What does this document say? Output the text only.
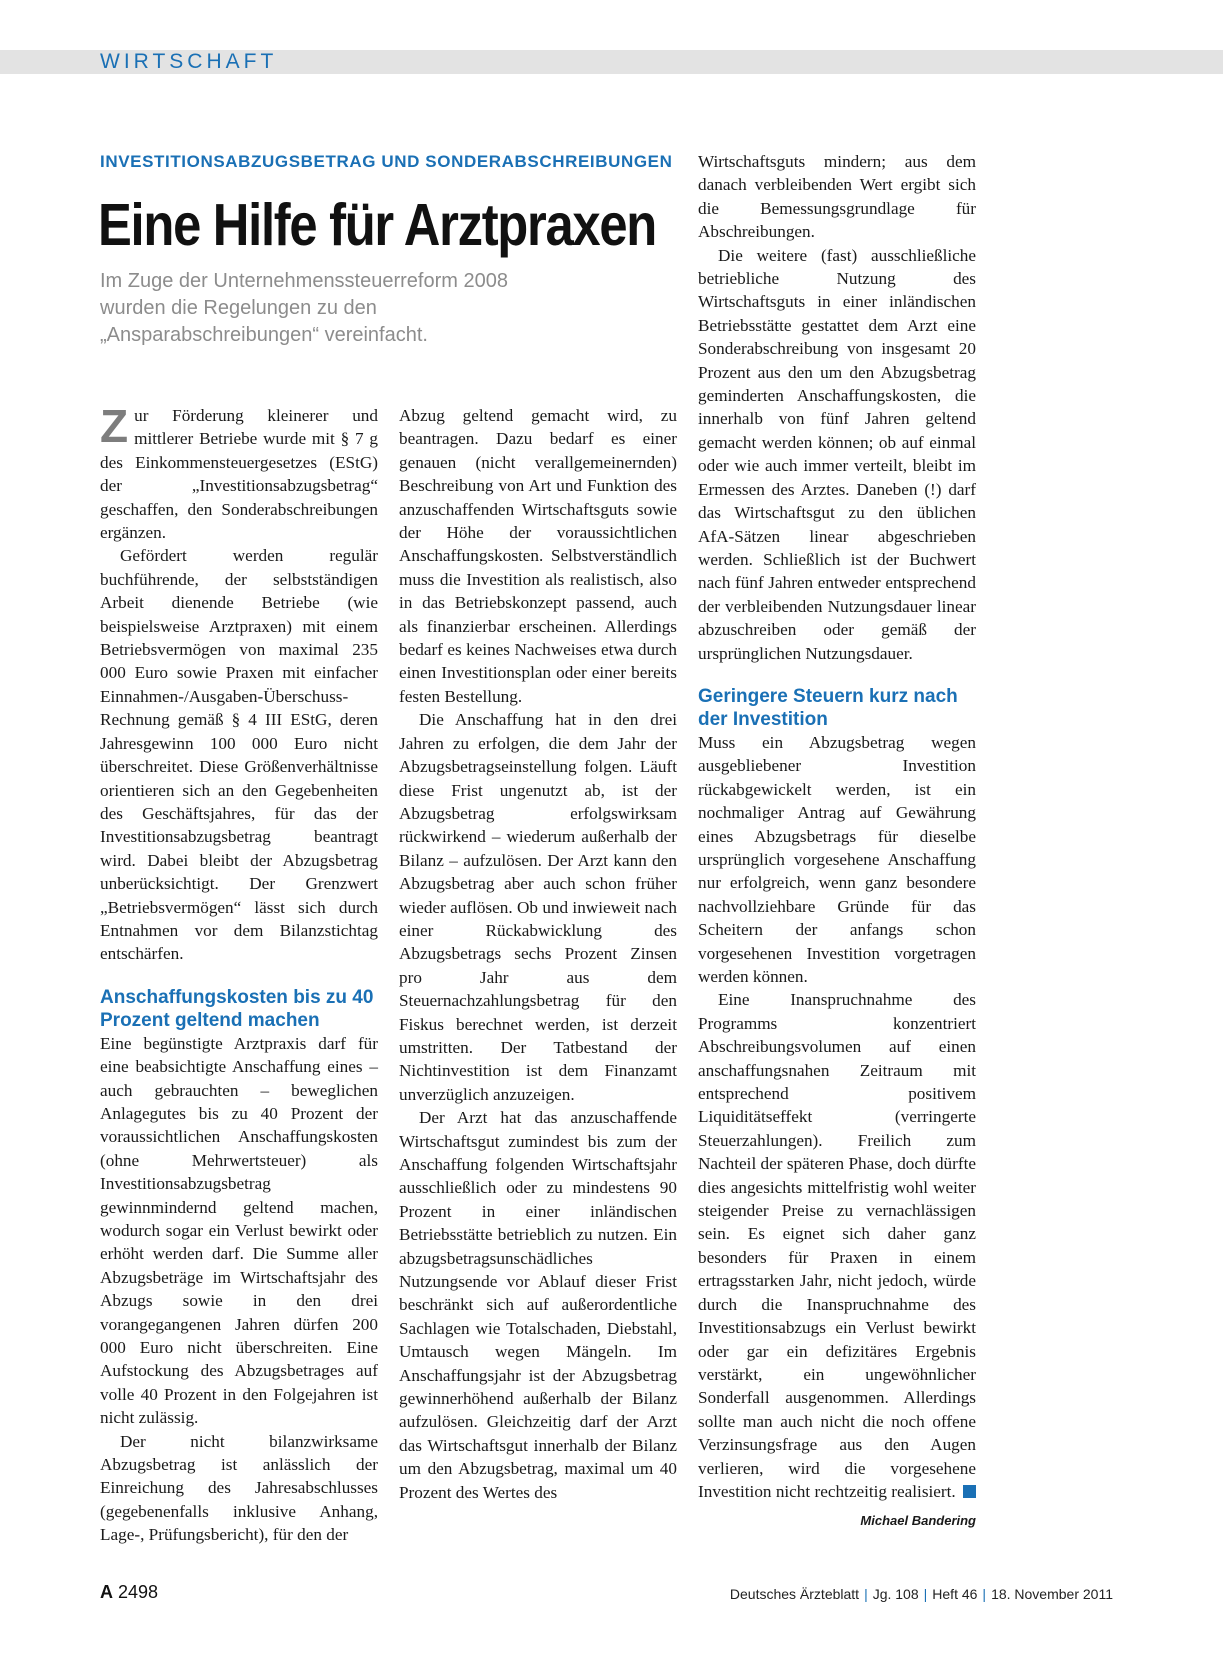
WIRTSCHAFT
INVESTITIONSABZUGSBETRAG UND SONDERABSCHREIBUNGEN
Eine Hilfe für Arztpraxen
Im Zuge der Unternehmenssteuerreform 2008
wurden die Regelungen zu den
„Ansparabschreibungen“ vereinfacht.

Zur Förderung kleinerer und mittlerer Betriebe wurde mit § 7 g des Einkommensteuergesetzes (EStG) der „Investitionsabzugsbetrag“ geschaffen, den Sonderabschreibungen ergänzen.

Gefördert werden regulär buchführende, der selbstständigen Arbeit dienende Betriebe (wie beispielsweise Arztpraxen) mit einem Betriebsvermögen von maximal 235 000 Euro sowie Praxen mit einfacher Einnahmen-/Ausgaben-Überschuss-Rechnung gemäß § 4 III EStG, deren Jahresgewinn 100 000 Euro nicht überschreitet. Diese Größenverhältnisse orientieren sich an den Gegebenheiten des Geschäftsjahres, für das der Investitionsabzugsbetrag beantragt wird. Dabei bleibt der Abzugsbetrag unberücksichtigt. Der Grenzwert „Betriebsvermögen“ lässt sich durch Entnahmen vor dem Bilanzstichtag entschärfen.

Anschaffungskosten bis zu 40 Prozent geltend machen

Eine begünstigte Arztpraxis darf für eine beabsichtigte Anschaffung eines – auch gebrauchten – beweglichen Anlagegutes bis zu 40 Prozent der voraussichtlichen Anschaffungskosten (ohne Mehrwertsteuer) als Investitionsabzugsbetrag gewinnmindernd geltend machen, wodurch sogar ein Verlust bewirkt oder erhöht werden darf. Die Summe aller Abzugsbeträge im Wirtschaftsjahr des Abzugs sowie in den drei vorangegangenen Jahren dürfen 200 000 Euro nicht überschreiten. Eine Aufstockung des Abzugsbetrages auf volle 40 Prozent in den Folgejahren ist nicht zulässig.

Der nicht bilanzwirksame Abzugsbetrag ist anlässlich der Einreichung des Jahresabschlusses (gegebenenfalls inklusive Anhang, Lage-, Prüfungsbericht), für den der

Abzug geltend gemacht wird, zu beantragen. Dazu bedarf es einer genauen (nicht verallgemeinernden) Beschreibung von Art und Funktion des anzuschaffenden Wirtschaftsguts sowie der Höhe der voraussichtlichen Anschaffungskosten. Selbstverständlich muss die Investition als realistisch, also in das Betriebskonzept passend, auch als finanzierbar erscheinen. Allerdings bedarf es keines Nachweises etwa durch einen Investitionsplan oder einer bereits festen Bestellung.

Die Anschaffung hat in den drei Jahren zu erfolgen, die dem Jahr der Abzugsbetragseinstellung folgen. Läuft diese Frist ungenutzt ab, ist der Abzugsbetrag erfolgswirksam rückwirkend – wiederum außerhalb der Bilanz – aufzulösen. Der Arzt kann den Abzugsbetrag aber auch schon früher wieder auflösen. Ob und inwieweit nach einer Rückabwicklung des Abzugsbetrags sechs Prozent Zinsen pro Jahr aus dem Steuernachzahlungsbetrag für den Fiskus berechnet werden, ist derzeit umstritten. Der Tatbestand der Nichtinvestition ist dem Finanzamt unverzüglich anzuzeigen.

Der Arzt hat das anzuschaffende Wirtschaftsgut zumindest bis zum der Anschaffung folgenden Wirtschaftsjahr ausschließlich oder zu mindestens 90 Prozent in einer inländischen Betriebsstätte betrieblich zu nutzen. Ein abzugsbetragsunschädliches Nutzungsende vor Ablauf dieser Frist beschränkt sich auf außerordentliche Sachlagen wie Totalschaden, Diebstahl, Umtausch wegen Mängeln. Im Anschaffungsjahr ist der Abzugsbetrag gewinnerhöhend außerhalb der Bilanz aufzulösen. Gleichzeitig darf der Arzt das Wirtschaftsgut innerhalb der Bilanz um den Abzugsbetrag, maximal um 40 Prozent des Wertes des

Wirtschaftsguts mindern; aus dem danach verbleibenden Wert ergibt sich die Bemessungsgrundlage für Abschreibungen.

Die weitere (fast) ausschließliche betriebliche Nutzung des Wirtschaftsguts in einer inländischen Betriebsstätte gestattet dem Arzt eine Sonderabschreibung von insgesamt 20 Prozent aus den um den Abzugsbetrag geminderten Anschaffungskosten, die innerhalb von fünf Jahren geltend gemacht werden können; ob auf einmal oder wie auch immer verteilt, bleibt im Ermessen des Arztes. Daneben (!) darf das Wirtschaftsgut zu den üblichen AfA-Sätzen linear abgeschrieben werden. Schließlich ist der Buchwert nach fünf Jahren entweder entsprechend der verbleibenden Nutzungsdauer linear abzuschreiben oder gemäß der ursprünglichen Nutzungsdauer.

Geringere Steuern kurz nach der Investition

Muss ein Abzugsbetrag wegen ausgebliebener Investition rückabgewickelt werden, ist ein nochmaliger Antrag auf Gewährung eines Abzugsbetrags für dieselbe ursprünglich vorgesehene Anschaffung nur erfolgreich, wenn ganz besondere nachvollziehbare Gründe für das Scheitern der anfangs schon vorgesehenen Investition vorgetragen werden können.

Eine Inanspruchnahme des Programms konzentriert Abschreibungsvolumen auf einen anschaffungsnahen Zeitraum mit entsprechend positivem Liquiditätseffekt (verringerte Steuerzahlungen). Freilich zum Nachteil der späteren Phase, doch dürfte dies angesichts mittelfristig wohl weiter steigender Preise zu vernachlässigen sein. Es eignet sich daher ganz besonders für Praxen in einem ertragsstarken Jahr, nicht jedoch, würde durch die Inanspruchnahme des Investitionsabzugs ein Verlust bewirkt oder gar ein defizitäres Ergebnis verstärkt, ein ungewöhnlicher Sonderfall ausgenommen. Allerdings sollte man auch nicht die noch offene Verzinsungsfrage aus den Augen verlieren, wird die vorgesehene Investition nicht rechtzeitig realisiert.

Michael Bandering
A 2498	Deutsches Ärzteblatt | Jg. 108 | Heft 46 | 18. November 2011
